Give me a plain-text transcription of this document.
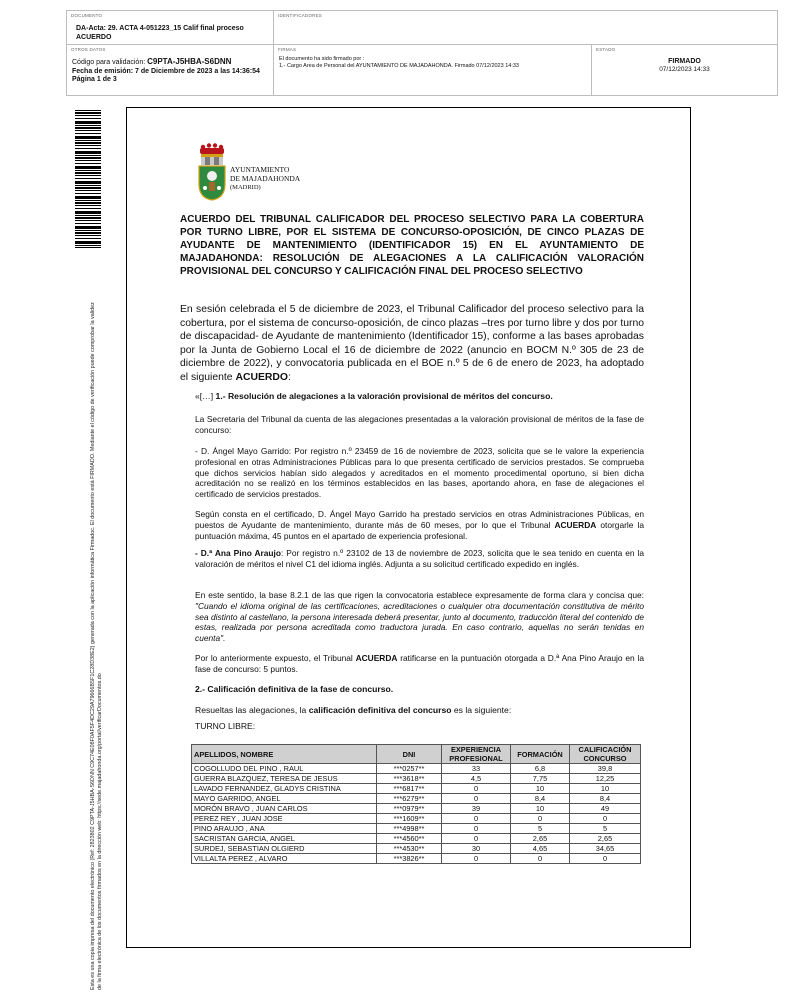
DOCUMENTO
DA-Acta: 29. ACTA 4-051223_15 Calif final proceso ACUERDO
IDENTIFICADORES
OTROS DATOS
Código para validación: C9PTA-J5HBA-S6DNN
Fecha de emisión: 7 de Diciembre de 2023 a las 14:36:54
Página 1 de 3
FIRMAS
El documento ha sido firmado por :
1.- Cargo Area de Personal del AYUNTAMIENTO DE MAJADAHONDA. Firmado 07/12/2023 14:33
ESTADO
FIRMADO
07/12/2023 14:33
Esta es una copia impresa del documento electrónico (Ref: 2823802 C9PTA-J5HBA-S6DNN C9C74E08F0AF5F4DC29A79666B5F1C28D38E2) generada con la aplicación informática Firmadoc. El documento está FIRMADO. Mediante el código de verificación puede comprobar la validez de la firma electrónica de los documentos firmados en la dirección web: https://sede.majadahonda.org/portal/verificarDocumentos.do
AYUNTAMIENTO
DE MAJADAHONDA
(MADRID)
ACUERDO DEL TRIBUNAL CALIFICADOR DEL PROCESO SELECTIVO PARA LA COBERTURA POR TURNO LIBRE, POR EL SISTEMA DE CONCURSO-OPOSICIÓN, DE CINCO PLAZAS DE AYUDANTE DE MANTENIMIENTO (IDENTIFICADOR 15) EN EL AYUNTAMIENTO DE MAJADAHONDA: RESOLUCIÓN DE ALEGACIONES A LA CALIFICACIÓN VALORACIÓN PROVISIONAL DEL CONCURSO Y CALIFICACIÓN FINAL DEL PROCESO SELECTIVO
En sesión celebrada el 5 de diciembre de 2023, el Tribunal Calificador del proceso selectivo para la cobertura, por el sistema de concurso-oposición, de cinco plazas –tres por turno libre y dos por turno de discapacidad- de Ayudante de mantenimiento (Identificador 15), conforme a las bases aprobadas por la Junta de Gobierno Local el 16 de diciembre de 2022 (anuncio en BOCM N.º 305 de 23 de diciembre de 2022), y convocatoria publicada en el BOE n.º 5 de 6 de enero de 2023, ha adoptado el siguiente ACUERDO:
«[…] 1.- Resolución de alegaciones a la valoración provisional de méritos del concurso.
La Secretaria del Tribunal da cuenta de las alegaciones presentadas a la valoración provisional de méritos de la fase de concurso:
- D. Ángel Mayo Garrido: Por registro n.º 23459 de 16 de noviembre de 2023, solicita que se le valore la experiencia profesional en otras Administraciones Públicas para lo que presenta certificado de servicios prestados. Se comprueba que dichos servicios habían sido alegados y acreditados en el momento procedimental oportuno, si bien dicha acreditación no se realizó en los términos establecidos en las bases, aportando ahora, en fase de alegaciones el certificado de servicios prestados.
Según consta en el certificado, D. Ángel Mayo Garrido ha prestado servicios en otras Administraciones Públicas, en puestos de Ayudante de mantenimiento, durante más de 60 meses, por lo que el Tribunal ACUERDA otorgarle la puntuación máxima, 45 puntos en el apartado de experiencia profesional.
- D.ª Ana Pino Araujo: Por registro n.º 23102 de 13 de noviembre de 2023, solicita que le sea tenido en cuenta en la valoración de méritos el nivel C1 del idioma inglés. Adjunta a su solicitud certificado expedido en inglés.
En este sentido, la base 8.2.1 de las que rigen la convocatoria establece expresamente de forma clara y concisa que: "Cuando el idioma original de las certificaciones, acreditaciones o cualquier otra documentación constitutiva de mérito sea distinto al castellano, la persona interesada deberá presentar, junto al documento, traducción literal del contenido de estas, realizada por persona acreditada como traductora jurada. En caso contrario, aquellas no serán tenidas en cuenta".
Por lo anteriormente expuesto, el Tribunal ACUERDA ratificarse en la puntuación otorgada a D.ª Ana Pino Araujo en la fase de concurso: 5 puntos.
2.- Calificación definitiva de la fase de concurso.
Resueltas las alegaciones, la calificación definitiva del concurso es la siguiente:
TURNO LIBRE:
APELLIDOS, NOMBRE	DNI	EXPERIENCIA PROFESIONAL	FORMACIÓN	CALIFICACIÓN CONCURSO
COGOLLUDO DEL PINO , RAUL	***0257**	33	6,8	39,8
GUERRA BLAZQUEZ, TERESA DE JESUS	***3618**	4,5	7,75	12,25
LAVADO FERNANDEZ, GLADYS CRISTINA	***6817**	0	10	10
MAYO GARRIDO, ANGEL	***6279**	0	8,4	8,4
MORÓN BRAVO , JUAN CARLOS	***0979**	39	10	49
PEREZ REY , JUAN JOSE	***1609**	0	0	0
PINO ARAUJO , ANA	***4998**	0	5	5
SACRISTAN GARCIA, ANGEL	***4560**	0	2,65	2,65
SURDEJ, SEBASTIAN OLGIERD	***4530**	30	4,65	34,65
VILLALTA PEREZ , ALVARO	***3826**	0	0	0
